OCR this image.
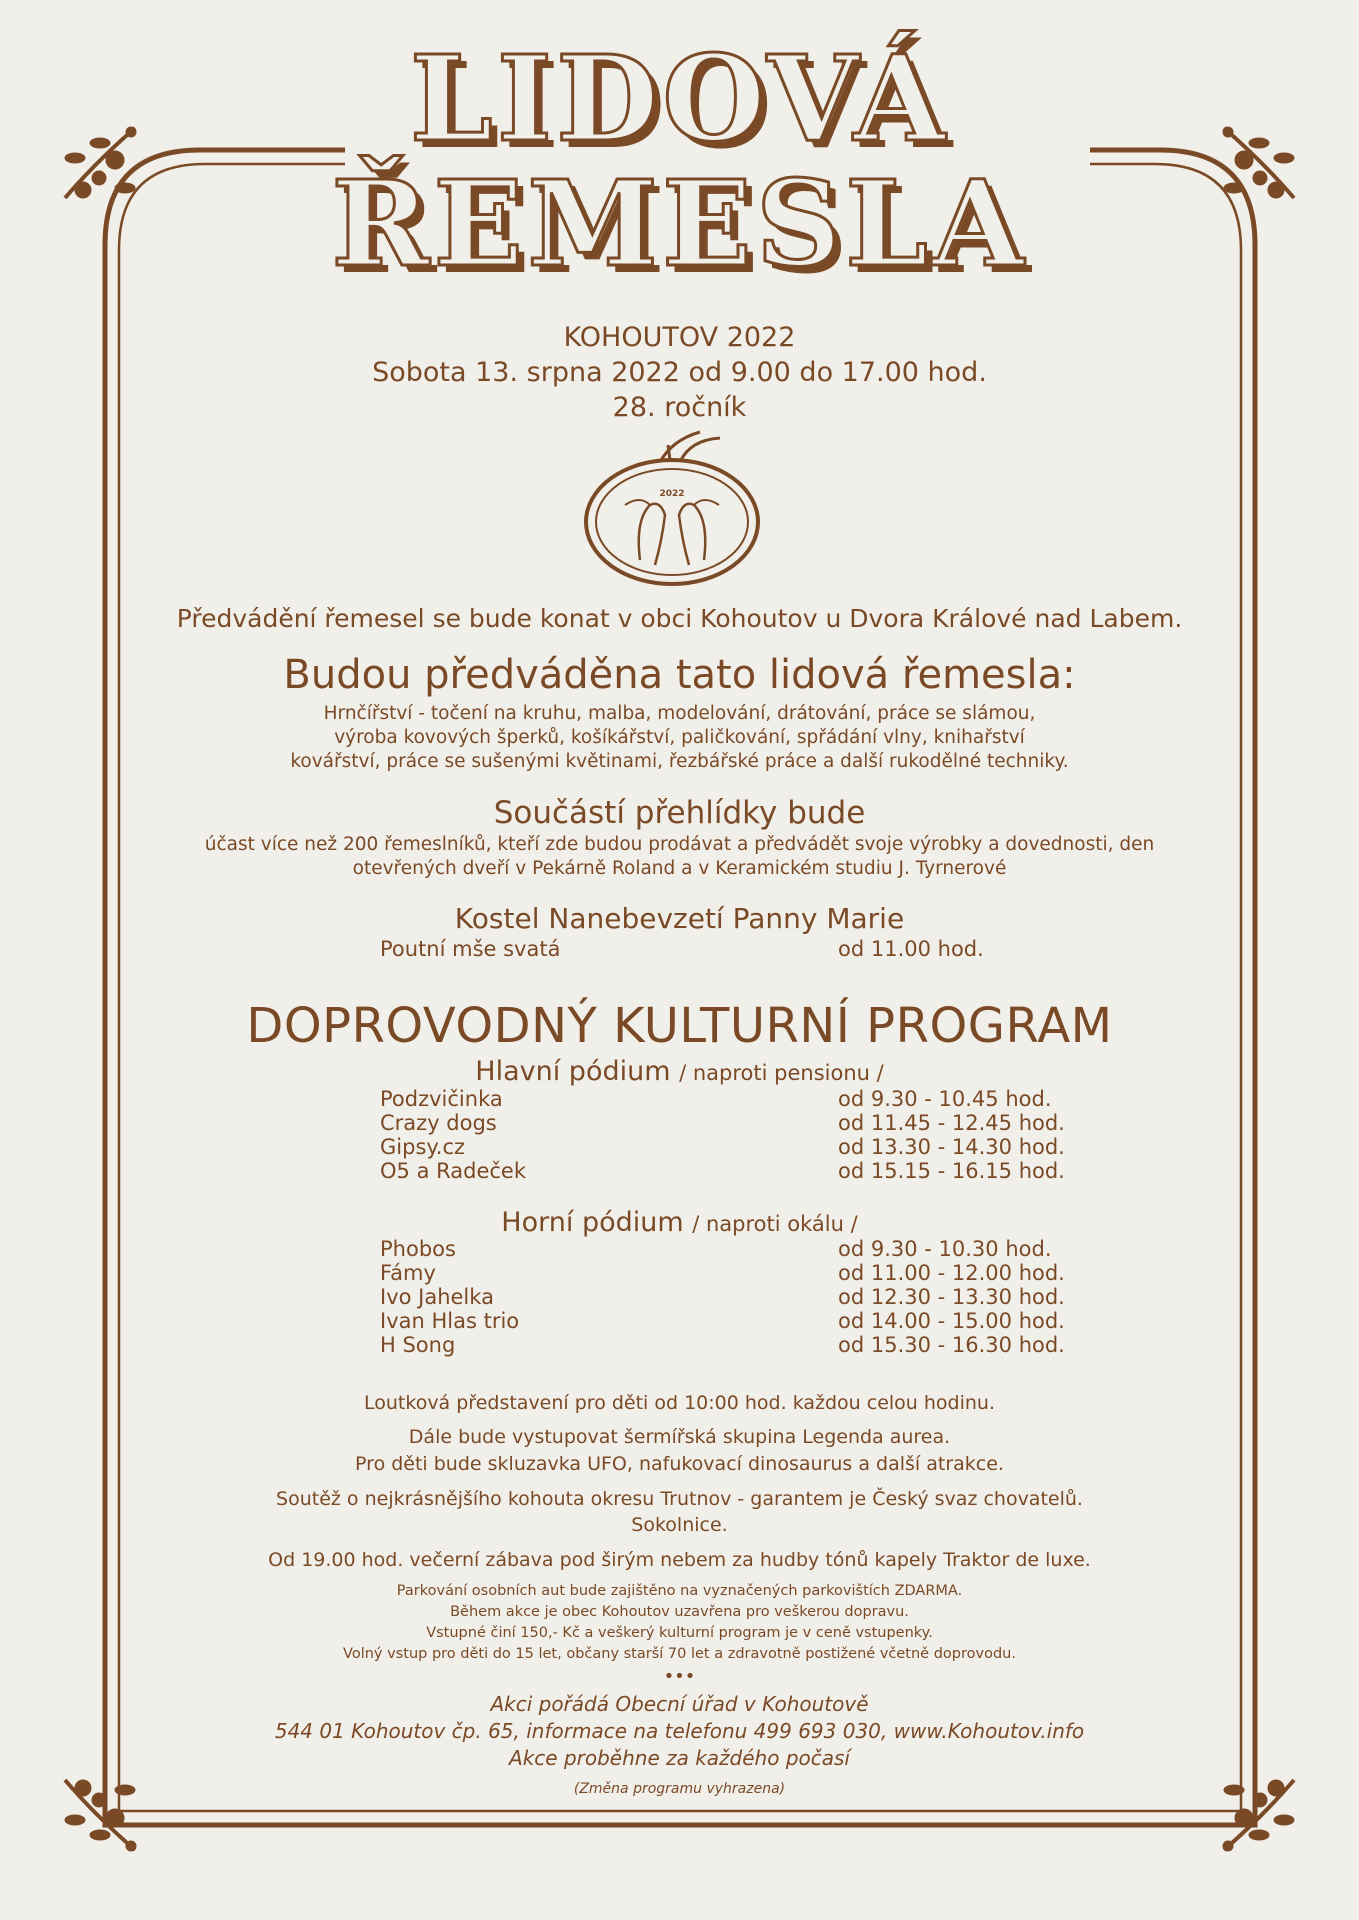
2022
LIDOVÁ
ŘEMESLA
KOHOUTOV 2022
Sobota 13. srpna 2022 od 9.00 do 17.00 hod.
28. ročník
Předvádění řemesel se bude konat v obci Kohoutov u Dvora Králové nad Labem.
Budou předváděna tato lidová řemesla:
Hrnčířství - točení na kruhu, malba, modelování, drátování, práce se slámou,
výroba kovových šperků, košíkářství, paličkování, spřádání vlny, knihařství
kovářství, práce se sušenými květinami, řezbářské práce a další rukodělné techniky.
Součástí přehlídky bude
účast více než 200 řemeslníků, kteří zde budou prodávat a předvádět svoje výrobky a dovednosti, den
otevřených dveří v Pekárně Roland a v Keramickém studiu J. Tyrnerové
Kostel Nanebevzetí Panny Marie
Poutní mše svatá	od 11.00 hod.
DOPROVODNÝ KULTURNÍ PROGRAM
Hlavní pódium / naproti pensionu /
Podzvičinka	od 9.30 - 10.45 hod.
Crazy dogs	od 11.45 - 12.45 hod.
Gipsy.cz	od 13.30 - 14.30 hod.
O5 a Radeček	od 15.15 - 16.15 hod.
Horní pódium / naproti okálu /
Phobos	od 9.30 - 10.30 hod.
Fámy	od 11.00 - 12.00 hod.
Ivo Jahelka	od 12.30 - 13.30 hod.
Ivan Hlas trio	od 14.00 - 15.00 hod.
H Song	od 15.30 - 16.30 hod.
Loutková představení pro děti od 10:00 hod. každou celou hodinu.
Dále bude vystupovat šermířská skupina Legenda aurea.
Pro děti bude skluzavka UFO, nafukovací dinosaurus a další atrakce.
Soutěž o nejkrásnějšího kohouta okresu Trutnov - garantem je Český svaz chovatelů.
Sokolnice.
Od 19.00 hod. večerní zábava pod širým nebem za hudby tónů kapely Traktor de luxe.
Parkování osobních aut bude zajištěno na vyznačených parkovištích ZDARMA.
Během akce je obec Kohoutov uzavřena pro veškerou dopravu.
Vstupné činí 150,- Kč a veškerý kulturní program je v ceně vstupenky.
Volný vstup pro děti do 15 let, občany starší 70 let a zdravotně postižené včetně doprovodu.
•••
Akci pořádá Obecní úřad v Kohoutově
544 01 Kohoutov čp. 65, informace na telefonu 499 693 030, www.Kohoutov.info
Akce proběhne za každého počasí
(Změna programu vyhrazena)
